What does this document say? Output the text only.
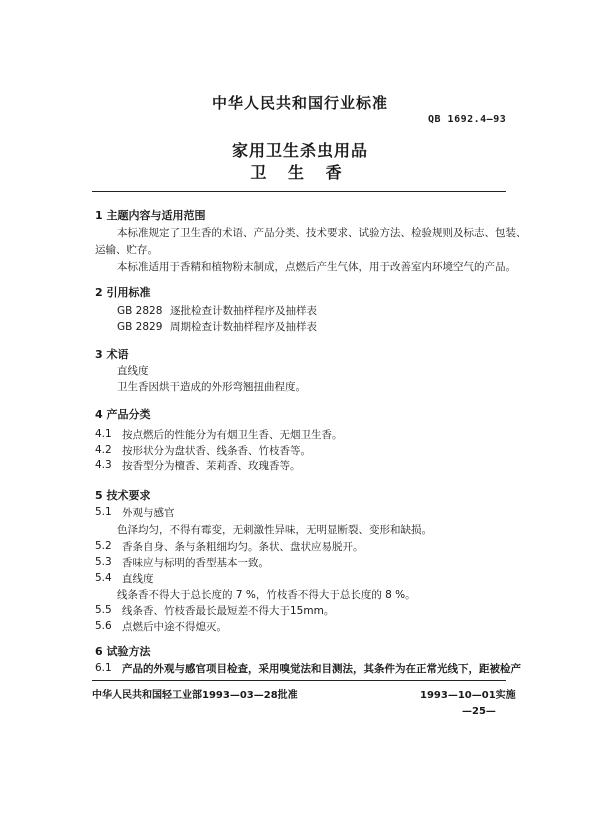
中华人民共和国行业标准
QB 1692.4—93
家用卫生杀虫用品
卫 生 香
1 主题内容与适用范围
本标准规定了卫生香的术语、产品分类、技术要求、试验方法、检验规则及标志、包装、
运输、贮存。
本标准适用于香精和植物粉末制成，点燃后产生气体，用于改善室内环境空气的产品。
2 引用标准
GB 2828 逐批检查计数抽样程序及抽样表
GB 2829 周期检查计数抽样程序及抽样表
3 术语
直线度
卫生香因烘干造成的外形弯翘扭曲程度。
4 产品分类
4.1 按点燃后的性能分为有烟卫生香、无烟卫生香。
4.2 按形状分为盘状香、线条香、竹枝香等。
4.3 按香型分为檀香、茉莉香、玫瑰香等。
5 技术要求
5.1 外观与感官
色泽均匀，不得有霉变，无刺激性异味，无明显断裂、变形和缺损。
5.2 香条自身、条与条粗细均匀。条状、盘状应易脱开。
5.3 香味应与标明的香型基本一致。
5.4 直线度
线条香不得大于总长度的 7 %，竹枝香不得大于总长度的 8 %。
5.5 线条香、竹枝香最长最短差不得大于15mm。
5.6 点燃后中途不得熄灭。
6 试验方法
6.1 产品的外观与感官项目检查，采用嗅觉法和目测法，其条件为在正常光线下，距被检产
中华人民共和国轻工业部1993—03—28批准	1993—10—01实施
—25—
